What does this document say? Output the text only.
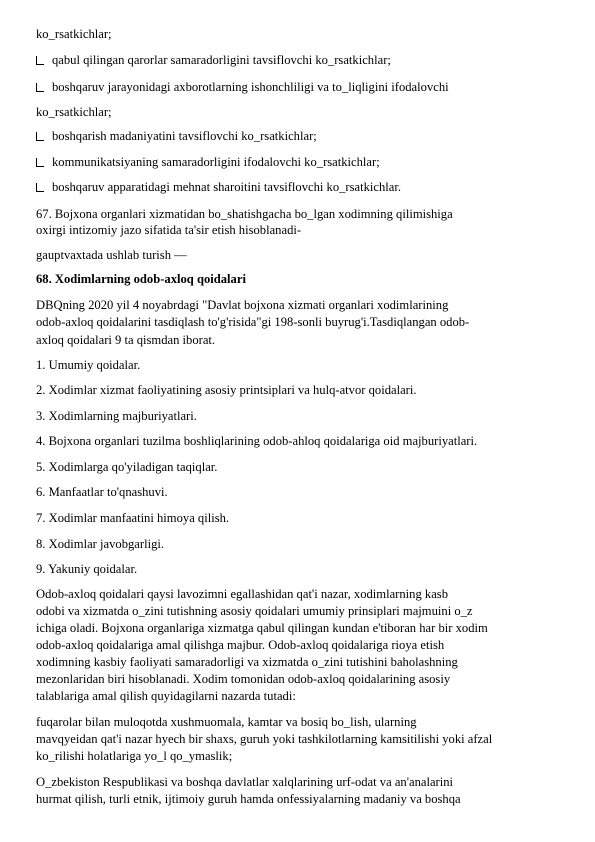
ko_rsatkichlar;
qabul qilingan qarorlar samaradorligini tavsiflovchi ko_rsatkichlar;
boshqaruv jarayonidagi axborotlarning ishonchliligi va to_liqligini ifodalovchi
ko_rsatkichlar;
boshqarish madaniyatini tavsiflovchi ko_rsatkichlar;
kommunikatsiyaning samaradorligini ifodalovchi ko_rsatkichlar;
boshqaruv apparatidagi mehnat sharoitini tavsiflovchi ko_rsatkichlar.
67. Bojxona organlari xizmatidan bo_shatishgacha bo_lgan xodimning qilimishiga
oxirgi intizomiy jazo sifatida ta'sir etish hisoblanadi-
gauptvaxtada ushlab turish —
68. Xodimlarning odob-axloq qoidalari
DBQning 2020 yil 4 noyabrdagi "Davlat bojxona xizmati organlari xodimlarining
odob-axloq qoidalarini tasdiqlash to'g'risida"gi 198-sonli buyrug'i.Tasdiqlangan odob-
axloq qoidalari 9 ta qismdan iborat.
1. Umumiy qoidalar.
2. Xodimlar xizmat faoliyatining asosiy printsiplari va hulq-atvor qoidalari.
3. Xodimlarning majburiyatlari.
4. Bojxona organlari tuzilma boshliqlarining odob-ahloq qoidalariga oid majburiyatlari.
5. Xodimlarga qo'yiladigan taqiqlar.
6. Manfaatlar to'qnashuvi.
7. Xodimlar manfaatini himoya qilish.
8. Xodimlar javobgarligi.
9. Yakuniy qoidalar.
Odob-axloq qoidalari qaysi lavozimni egallashidan qat'i nazar, xodimlarning kasb
odobi va xizmatda o_zini tutishning asosiy qoidalari umumiy prinsiplari majmuini o_z
ichiga oladi. Bojxona organlariga xizmatga qabul qilingan kundan e'tiboran har bir xodim
odob-axloq qoidalariga amal qilishga majbur. Odob-axloq qoidalariga rioya etish
xodimning kasbiy faoliyati samaradorligi va xizmatda o_zini tutishini baholashning
mezonlaridan biri hisoblanadi. Xodim tomonidan odob-axloq qoidalarining asosiy
talablariga amal qilish quyidagilarni nazarda tutadi:
fuqarolar bilan muloqotda xushmuomala, kamtar va bosiq bo_lish, ularning
mavqyeidan qat'i nazar hyech bir shaxs, guruh yoki tashkilotlarning kamsitilishi yoki afzal
ko_rilishi holatlariga yo_l qo_ymaslik;
O_zbekiston Respublikasi va boshqa davlatlar xalqlarining urf-odat va an'analarini
hurmat qilish, turli etnik, ijtimoiy guruh hamda onfessiyalarning madaniy va boshqa
